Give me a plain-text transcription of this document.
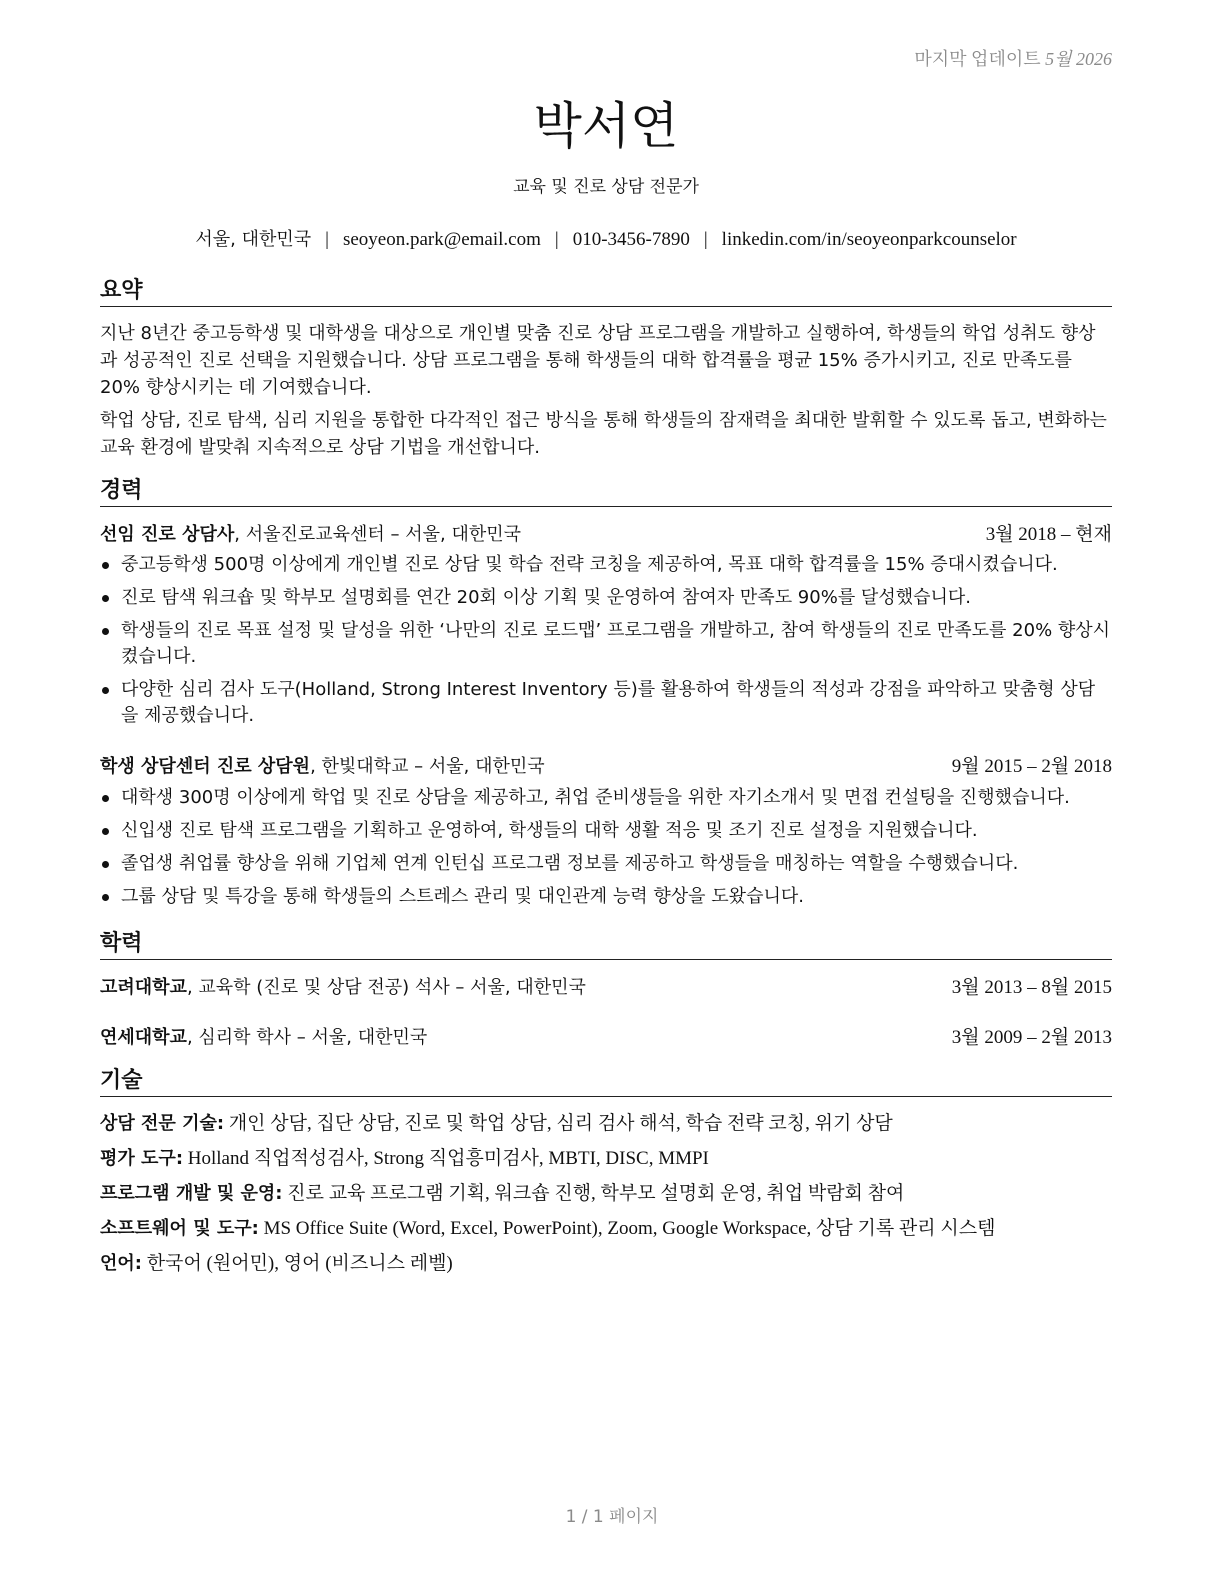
마지막 업데이트 5월 2026
박서연
교육 및 진로 상담 전문가
서울, 대한민국 | seoyeon.park@email.com | 010-3456-7890 | linkedin.com/in/seoyeonparkcounselor
요약
지난 8년간 중고등학생 및 대학생을 대상으로 개인별 맞춤 진로 상담 프로그램을 개발하고 실행하여, 학생들의 학업 성취도 향상과 성공적인 진로 선택을 지원했습니다. 상담 프로그램을 통해 학생들의 대학 합격률을 평균 15% 증가시키고, 진로 만족도를 20% 향상시키는 데 기여했습니다.
학업 상담, 진로 탐색, 심리 지원을 통합한 다각적인 접근 방식을 통해 학생들의 잠재력을 최대한 발휘할 수 있도록 돕고, 변화하는 교육 환경에 발맞춰 지속적으로 상담 기법을 개선합니다.
경력
선임 진로 상담사, 서울진로교육센터 – 서울, 대한민국	3월 2018 – 현재
중고등학생 500명 이상에게 개인별 진로 상담 및 학습 전략 코칭을 제공하여, 목표 대학 합격률을 15% 증대시켰습니다.
진로 탐색 워크숍 및 학부모 설명회를 연간 20회 이상 기획 및 운영하여 참여자 만족도 90%를 달성했습니다.
학생들의 진로 목표 설정 및 달성을 위한 ‘나만의 진로 로드맵’ 프로그램을 개발하고, 참여 학생들의 진로 만족도를 20% 향상시켰습니다.
다양한 심리 검사 도구(Holland, Strong Interest Inventory 등)를 활용하여 학생들의 적성과 강점을 파악하고 맞춤형 상담을 제공했습니다.
학생 상담센터 진로 상담원, 한빛대학교 – 서울, 대한민국	9월 2015 – 2월 2018
대학생 300명 이상에게 학업 및 진로 상담을 제공하고, 취업 준비생들을 위한 자기소개서 및 면접 컨설팅을 진행했습니다.
신입생 진로 탐색 프로그램을 기획하고 운영하여, 학생들의 대학 생활 적응 및 조기 진로 설정을 지원했습니다.
졸업생 취업률 향상을 위해 기업체 연계 인턴십 프로그램 정보를 제공하고 학생들을 매칭하는 역할을 수행했습니다.
그룹 상담 및 특강을 통해 학생들의 스트레스 관리 및 대인관계 능력 향상을 도왔습니다.
학력
고려대학교, 교육학 (진로 및 상담 전공) 석사 – 서울, 대한민국	3월 2013 – 8월 2015
연세대학교, 심리학 학사 – 서울, 대한민국	3월 2009 – 2월 2013
기술
상담 전문 기술: 개인 상담, 집단 상담, 진로 및 학업 상담, 심리 검사 해석, 학습 전략 코칭, 위기 상담
평가 도구: Holland 직업적성검사, Strong 직업흥미검사, MBTI, DISC, MMPI
프로그램 개발 및 운영: 진로 교육 프로그램 기획, 워크숍 진행, 학부모 설명회 운영, 취업 박람회 참여
소프트웨어 및 도구: MS Office Suite (Word, Excel, PowerPoint), Zoom, Google Workspace, 상담 기록 관리 시스템
언어: 한국어 (원어민), 영어 (비즈니스 레벨)
1 / 1 페이지
